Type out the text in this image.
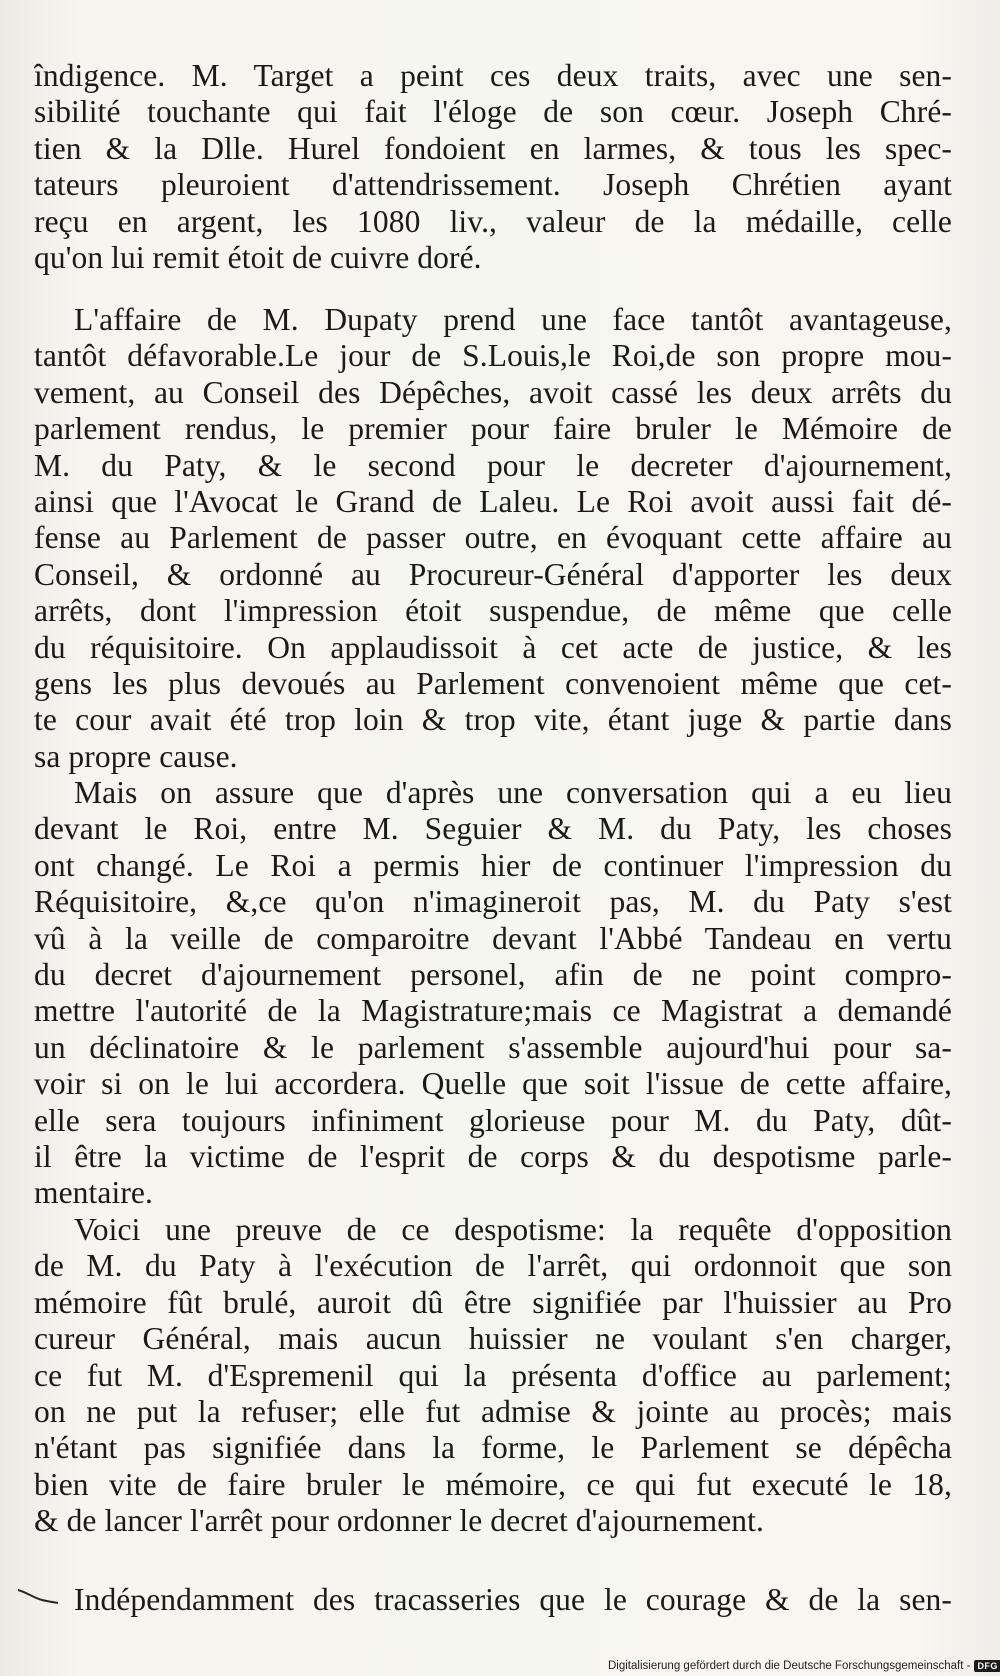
îndigence. M. Target a peint ces deux traits, avec une sen-
sibilité touchante qui fait l'éloge de son cœur. Joseph Chré-
tien & la Dlle. Hurel fondoient en larmes, & tous les spec-
tateurs pleuroient d'attendrissement. Joseph Chrétien ayant
reçu en argent, les 1080 liv., valeur de la médaille, celle
qu'on lui remit étoit de cuivre doré.
L'affaire de M. Dupaty prend une face tantôt avantageuse,
tantôt défavorable.Le jour de S.Louis,le Roi,de son propre mou-
vement, au Conseil des Dépêches, avoit cassé les deux arrêts du
parlement rendus, le premier pour faire bruler le Mémoire de
M. du Paty, & le second pour le decreter d'ajournement,
ainsi que l'Avocat le Grand de Laleu. Le Roi avoit aussi fait dé-
fense au Parlement de passer outre, en évoquant cette affaire au
Conseil, & ordonné au Procureur-Général d'apporter les deux
arrêts, dont l'impression étoit suspendue, de même que celle
du réquisitoire. On applaudissoit à cet acte de justice, & les
gens les plus devoués au Parlement convenoient même que cet-
te cour avait été trop loin & trop vite, étant juge & partie dans
sa propre cause.
Mais on assure que d'après une conversation qui a eu lieu
devant le Roi, entre M. Seguier & M. du Paty, les choses
ont changé. Le Roi a permis hier de continuer l'impression du
Réquisitoire, &,ce qu'on n'imagineroit pas, M. du Paty s'est
vû à la veille de comparoitre devant l'Abbé Tandeau en vertu
du decret d'ajournement personel, afin de ne point compro-
mettre l'autorité de la Magistrature;mais ce Magistrat a demandé
un déclinatoire & le parlement s'assemble aujourd'hui pour sa-
voir si on le lui accordera. Quelle que soit l'issue de cette affaire,
elle sera toujours infiniment glorieuse pour M. du Paty, dût-
il être la victime de l'esprit de corps & du despotisme parle-
mentaire.
Voici une preuve de ce despotisme: la requête d'opposition
de M. du Paty à l'exécution de l'arrêt, qui ordonnoit que son
mémoire fût brulé, auroit dû être signifiée par l'huissier au Pro
cureur Général, mais aucun huissier ne voulant s'en charger,
ce fut M. d'Espremenil qui la présenta d'office au parlement;
on ne put la refuser; elle fut admise & jointe au procès; mais
n'étant pas signifiée dans la forme, le Parlement se dépêcha
bien vite de faire bruler le mémoire, ce qui fut executé le 18,
& de lancer l'arrêt pour ordonner le decret d'ajournement.
Indépendamment des tracasseries que le courage & de la sen-
Digitalisierung gefördert durch die Deutsche Forschungsgemeinschaft - DFG
